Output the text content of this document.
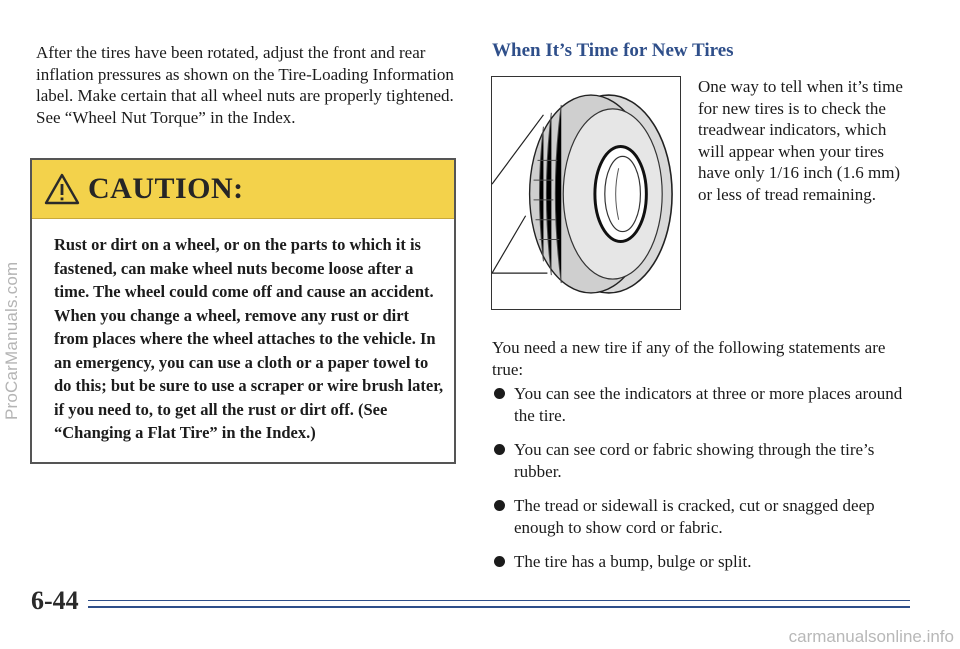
ProCarManuals.com
After the tires have been rotated, adjust the front and rear inflation pressures as shown on the Tire-Loading Information label. Make certain that all wheel nuts are properly tightened. See “Wheel Nut Torque” in the Index.
CAUTION:
Rust or dirt on a wheel, or on the parts to which it is fastened, can make wheel nuts become loose after a time. The wheel could come off and cause an accident. When you change a wheel, remove any rust or dirt from places where the wheel attaches to the vehicle. In an emergency, you can use a cloth or a paper towel to do this; but be sure to use a scraper or wire brush later, if you need to, to get all the rust or dirt off. (See “Changing a Flat Tire” in the Index.)
When It’s Time for New Tires
One way to tell when it’s time for new tires is to check the treadwear indicators, which will appear when your tires have only 1/16 inch (1.6 mm) or less of tread remaining.
You need a new tire if any of the following statements are true:
You can see the indicators at three or more places around the tire.
You can see cord or fabric showing through the tire’s rubber.
The tread or sidewall is cracked, cut or snagged deep enough to show cord or fabric.
The tire has a bump, bulge or split.
6-44
carmanualsonline.info
